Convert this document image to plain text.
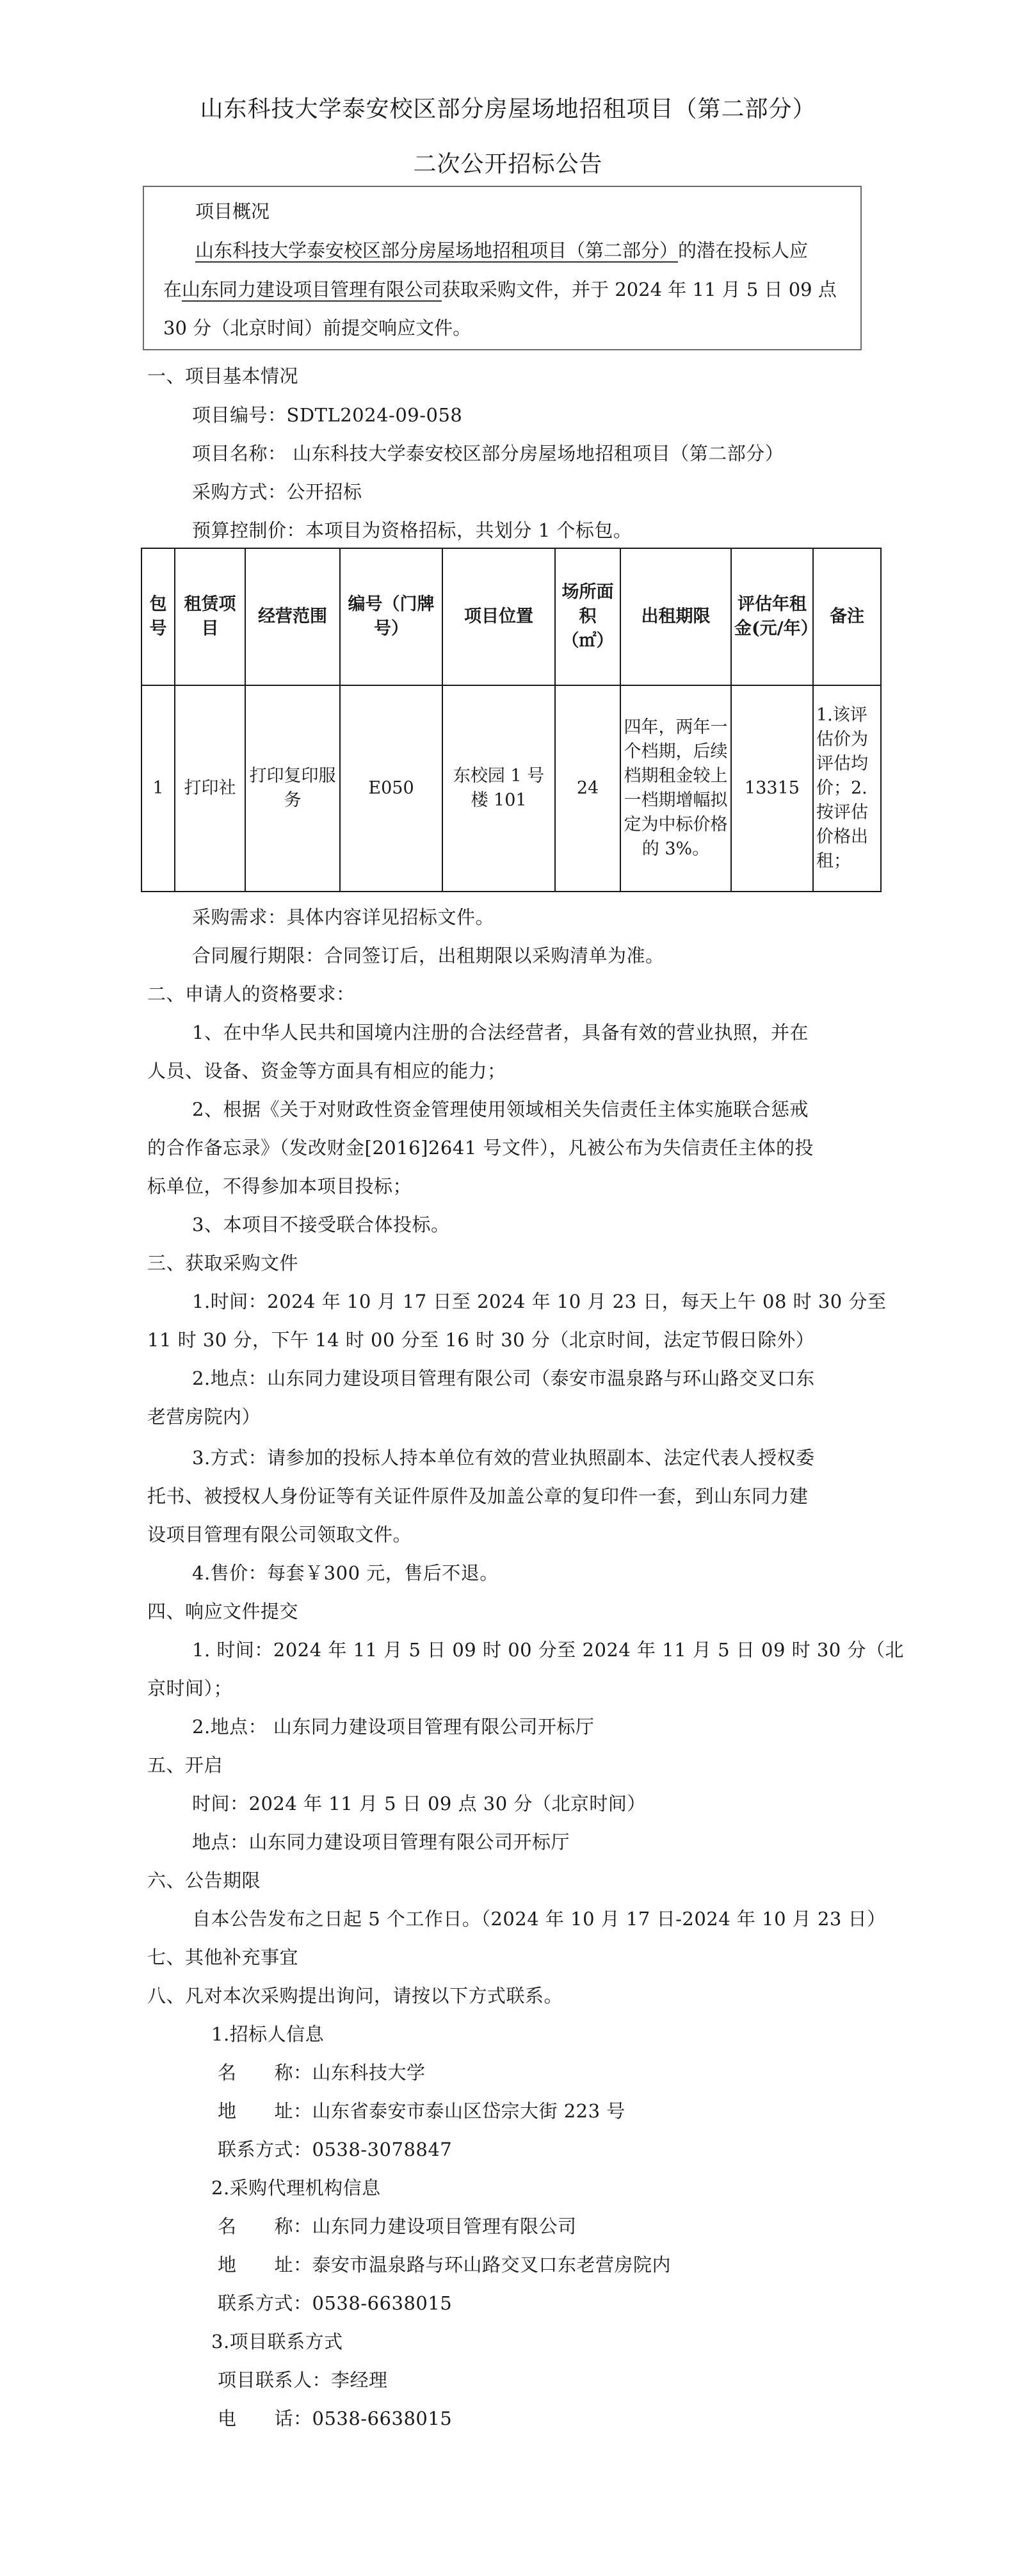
山东科技大学泰安校区部分房屋场地招租项目（第二部分）
二次公开招标公告
项目概况
山东科技大学泰安校区部分房屋场地招租项目（第二部分）的潜在投标人应
在山东同力建设项目管理有限公司获取采购文件，并于 2024 年 11 月 5 日 09 点
30 分（北京时间）前提交响应文件。
一、项目基本情况
项目编号：SDTL2024-09-058
项目名称： 山东科技大学泰安校区部分房屋场地招租项目（第二部分）
采购方式：公开招标
预算控制价：本项目为资格招标，共划分 1 个标包。
包号	租赁项目	经营范围	编号（门牌号）	项目位置	场所面积（㎡）	出租期限	评估年租金(元/年）	备注
1	打印社	打印复印服务	E050	东校园 1 号楼 101	24	四年，两年一个档期，后续档期租金较上一档期增幅拟定为中标价格的 3%。	13315	1.该评估价为评估均价；2.按评估价格出租；
采购需求：具体内容详见招标文件。
合同履行期限：合同签订后，出租期限以采购清单为准。
二、申请人的资格要求：
1、在中华人民共和国境内注册的合法经营者，具备有效的营业执照，并在
人员、设备、资金等方面具有相应的能力；
2、根据《关于对财政性资金管理使用领域相关失信责任主体实施联合惩戒
的合作备忘录》（发改财金[2016]2641 号文件），凡被公布为失信责任主体的投
标单位，不得参加本项目投标；
3、本项目不接受联合体投标。
三、获取采购文件
1.时间：2024 年 10 月 17 日至 2024 年 10 月 23 日，每天上午 08 时 30 分至
11 时 30 分，下午 14 时 00 分至 16 时 30 分（北京时间，法定节假日除外）
2.地点：山东同力建设项目管理有限公司（泰安市温泉路与环山路交叉口东
老营房院内）
3.方式：请参加的投标人持本单位有效的营业执照副本、法定代表人授权委
托书、被授权人身份证等有关证件原件及加盖公章的复印件一套，到山东同力建
设项目管理有限公司领取文件。
4.售价：每套￥300 元，售后不退。
四、响应文件提交
1. 时间：2024 年 11 月 5 日 09 时 00 分至 2024 年 11 月 5 日 09 时 30 分（北
京时间）；
2.地点： 山东同力建设项目管理有限公司开标厅
五、开启
时间：2024 年 11 月 5 日 09 点 30 分（北京时间）
地点：山东同力建设项目管理有限公司开标厅
六、公告期限
自本公告发布之日起 5 个工作日。（2024 年 10 月 17 日-2024 年 10 月 23 日）
七、其他补充事宜
八、凡对本次采购提出询问，请按以下方式联系。
1.招标人信息
名　　称：山东科技大学
地　　址：山东省泰安市泰山区岱宗大街 223 号
联系方式：0538-3078847
2.采购代理机构信息
名　　称：山东同力建设项目管理有限公司
地　　址：泰安市温泉路与环山路交叉口东老营房院内
联系方式：0538-6638015
3.项目联系方式
项目联系人：李经理
电　　话：0538-6638015
